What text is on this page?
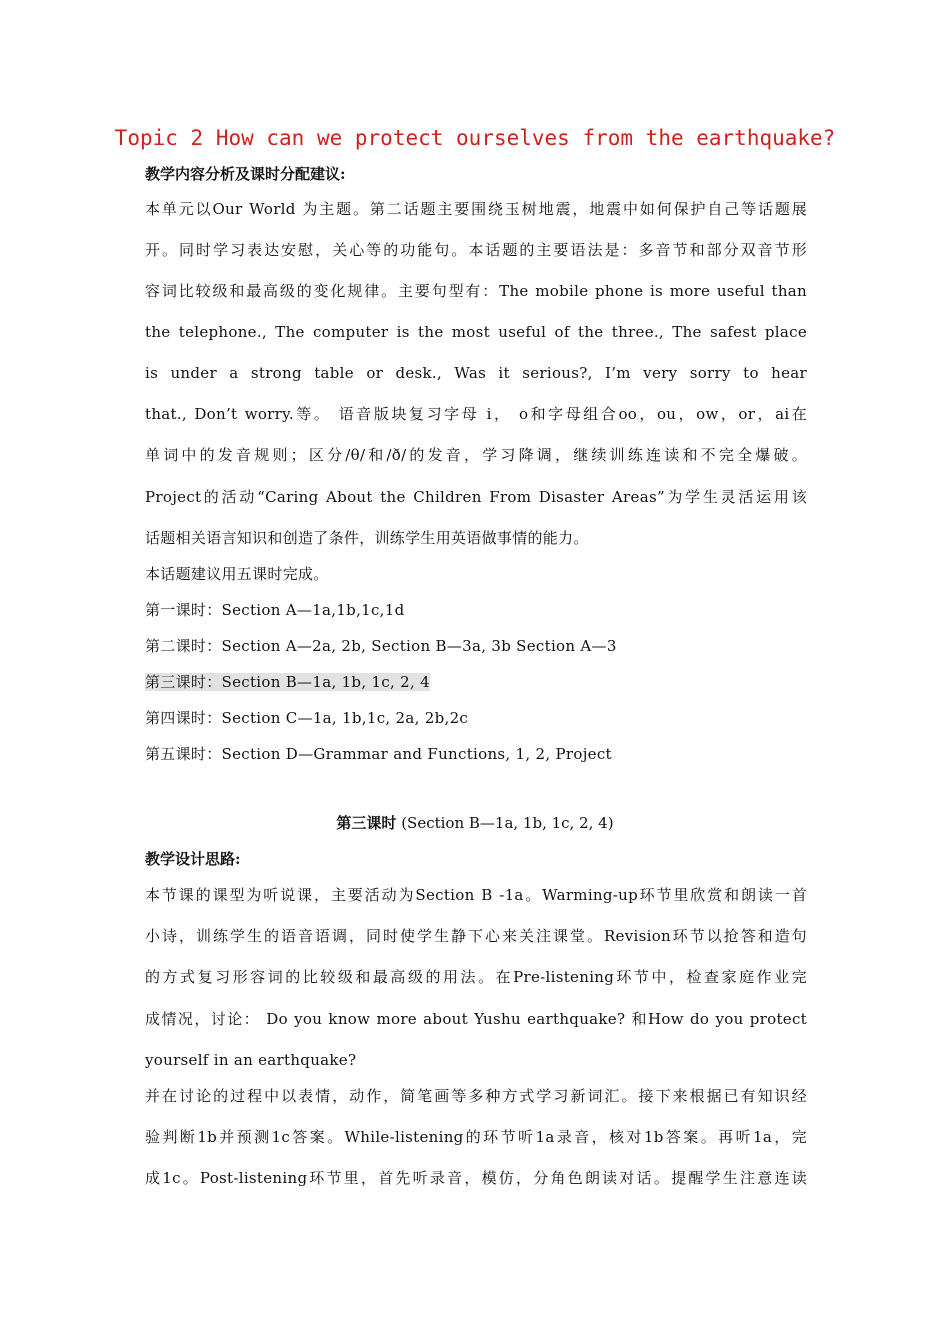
Topic 2 How can we protect ourselves from the earthquake?
教学内容分析及课时分配建议:
本单元以Our World 为主题。第二话题主要围绕玉树地震，地震中如何保护自己等话题展
开。同时学习表达安慰，关心等的功能句。本话题的主要语法是：多音节和部分双音节形
容词比较级和最高级的变化规律。主要句型有：The mobile phone is more useful than
the telephone., The computer is the most useful of the three., The safest place
is under a strong table or desk., Was it serious?, I’m very sorry to hear
that., Don’t worry.等。 语音版块复习字母 i， o和字母组合oo，ou，ow，or，ai在
单词中的发音规则；区分/θ/和/ð/的发音，学习降调，继续训练连读和不完全爆破。
Project的活动“Caring About the Children From Disaster Areas”为学生灵活运用该
话题相关语言知识和创造了条件，训练学生用英语做事情的能力。
本话题建议用五课时完成。
第一课时：Section A—1a,1b,1c,1d
第二课时：Section A—2a, 2b, Section B—3a, 3b Section A—3
第三课时：Section B—1a, 1b, 1c, 2, 4
第四课时：Section C—1a, 1b,1c, 2a, 2b,2c
第五课时：Section D—Grammar and Functions, 1, 2, Project
第三课时 (Section B—1a, 1b, 1c, 2, 4)
教学设计思路:
本节课的课型为听说课，主要活动为Section B -1a。Warming-up环节里欣赏和朗读一首
小诗，训练学生的语音语调，同时使学生静下心来关注课堂。Revision环节以抢答和造句
的方式复习形容词的比较级和最高级的用法。在Pre-listening环节中，检查家庭作业完
成情况，讨论： Do you know more about Yushu earthquake? 和How do you protect
yourself in an earthquake?
并在讨论的过程中以表情，动作，简笔画等多种方式学习新词汇。接下来根据已有知识经
验判断1b并预测1c答案。While-listening的环节听1a录音，核对1b答案。再听1a，完
成1c。Post-listening环节里，首先听录音，模仿，分角色朗读对话。提醒学生注意连读
